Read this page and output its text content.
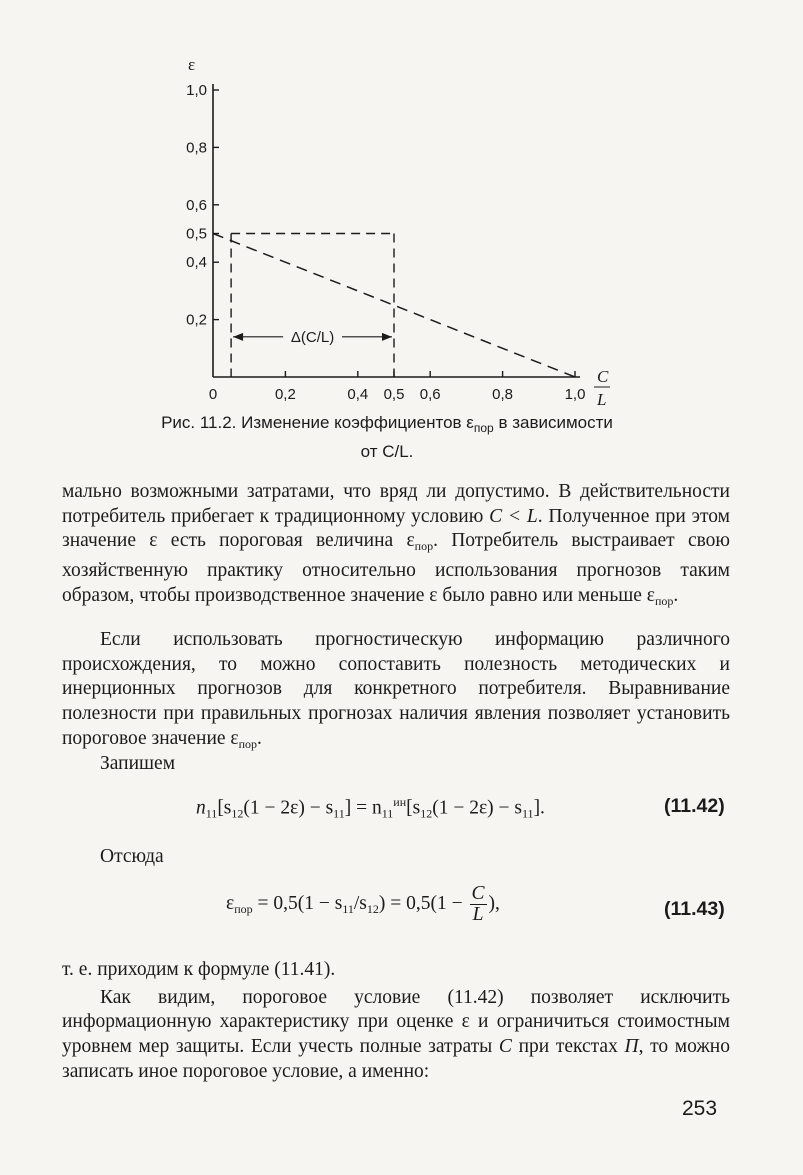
ε
C
L
0,2
0,4
0,5
0,6
0,8
1,0
0	0,2	0,4 0,5 0,6	0,8	1,0
Δ(C/L)
Рис. 11.2. Изменение коэффициентов $\varepsilon_{пор}$ в зависимости от C/L.

мально возможными затратами, что вряд ли допустимо. В действительности потребитель прибегает к традиционному условию C < L. Полученное при этом значение ε есть пороговая величина $\varepsilon_{пор}$. Потребитель выстраивает свою хозяйственную практику относительно использования прогнозов таким образом, чтобы производственное значение ε было равно или меньше $\varepsilon_{пор}$.

Если использовать прогностическую информацию различного происхождения, то можно сопоставить полезность методических и инерционных прогнозов для конкретного потребителя. Выравнивание полезности при правильных прогнозах наличия явления позволяет установить пороговое значение $\varepsilon_{пор}$.

Запишем
$n_{11}[s_{12}(1 - 2\varepsilon) - s_{11}] = n_{11}^{ин}[s_{12}(1 - 2\varepsilon) - s_{11}]$.	(11.42)
Отсюда
$\varepsilon_{пор} = 0,5(1 - s_{11}/s_{12}) = 0,5(1 - \frac{C}{L}$ ),	(11.43)

т. е. приходим к формуле (11.41).

Как видим, пороговое условие (11.42) позволяет исключить информационную характеристику при оценке ε и ограничиться стоимостным уровнем мер защиты. Если учесть полные затраты C при текстах П, то можно записать иное пороговое условие, а именно:

253
